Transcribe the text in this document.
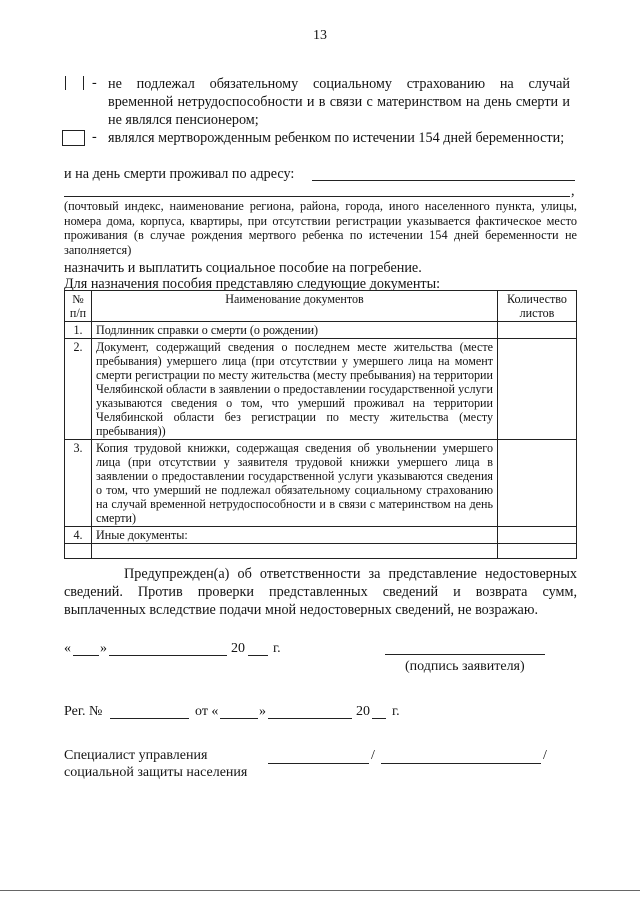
13
- не подлежал обязательному социальному страхованию на случай временной нетрудоспособности и в связи с материнством на день смерти и не являлся пенсионером;
- являлся мертворожденным ребенком по истечении 154 дней беременности;
и на день смерти проживал по адресу:
,
(почтовый индекс, наименование региона, района, города, иного населенного пункта, улицы, номера дома, корпуса, квартиры, при отсутствии регистрации указывается фактическое место проживания (в случае рождения мертвого ребенка по истечении 154 дней беременности не заполняется)
назначить и выплатить социальное пособие на погребение.
Для назначения пособия представляю следующие документы:
№ п/п	Наименование документов	Количество листов
1.	Подлинник справки о смерти (о рождении)	
2.	Документ, содержащий сведения о последнем месте жительства (месте пребывания) умершего лица (при отсутствии у умершего лица на момент смерти регистрации по месту жительства (месту пребывания) на территории Челябинской области в заявлении о предоставлении государственной услуги указываются сведения о том, что умерший проживал на территории Челябинской области без регистрации по месту жительства (месту пребывания))	
3.	Копия трудовой книжки, содержащая сведения об увольнении умершего лица (при отсутствии у заявителя трудовой книжки умершего лица в заявлении о предоставлении государственной услуги указываются сведения о том, что умерший не подлежал обязательному социальному страхованию на случай временной нетрудоспособности и в связи с материнством на день смерти)	
4.	Иные документы:	

Предупрежден(а) об ответственности за представление недостоверных сведений. Против проверки представленных сведений и возврата сумм, выплаченных вследствие подачи мной недостоверных сведений, не возражаю.
« »	20 г.
(подпись заявителя)
Рег. №	от «	»	20 г.
Специалист управления
социальной защиты населения
/	/
